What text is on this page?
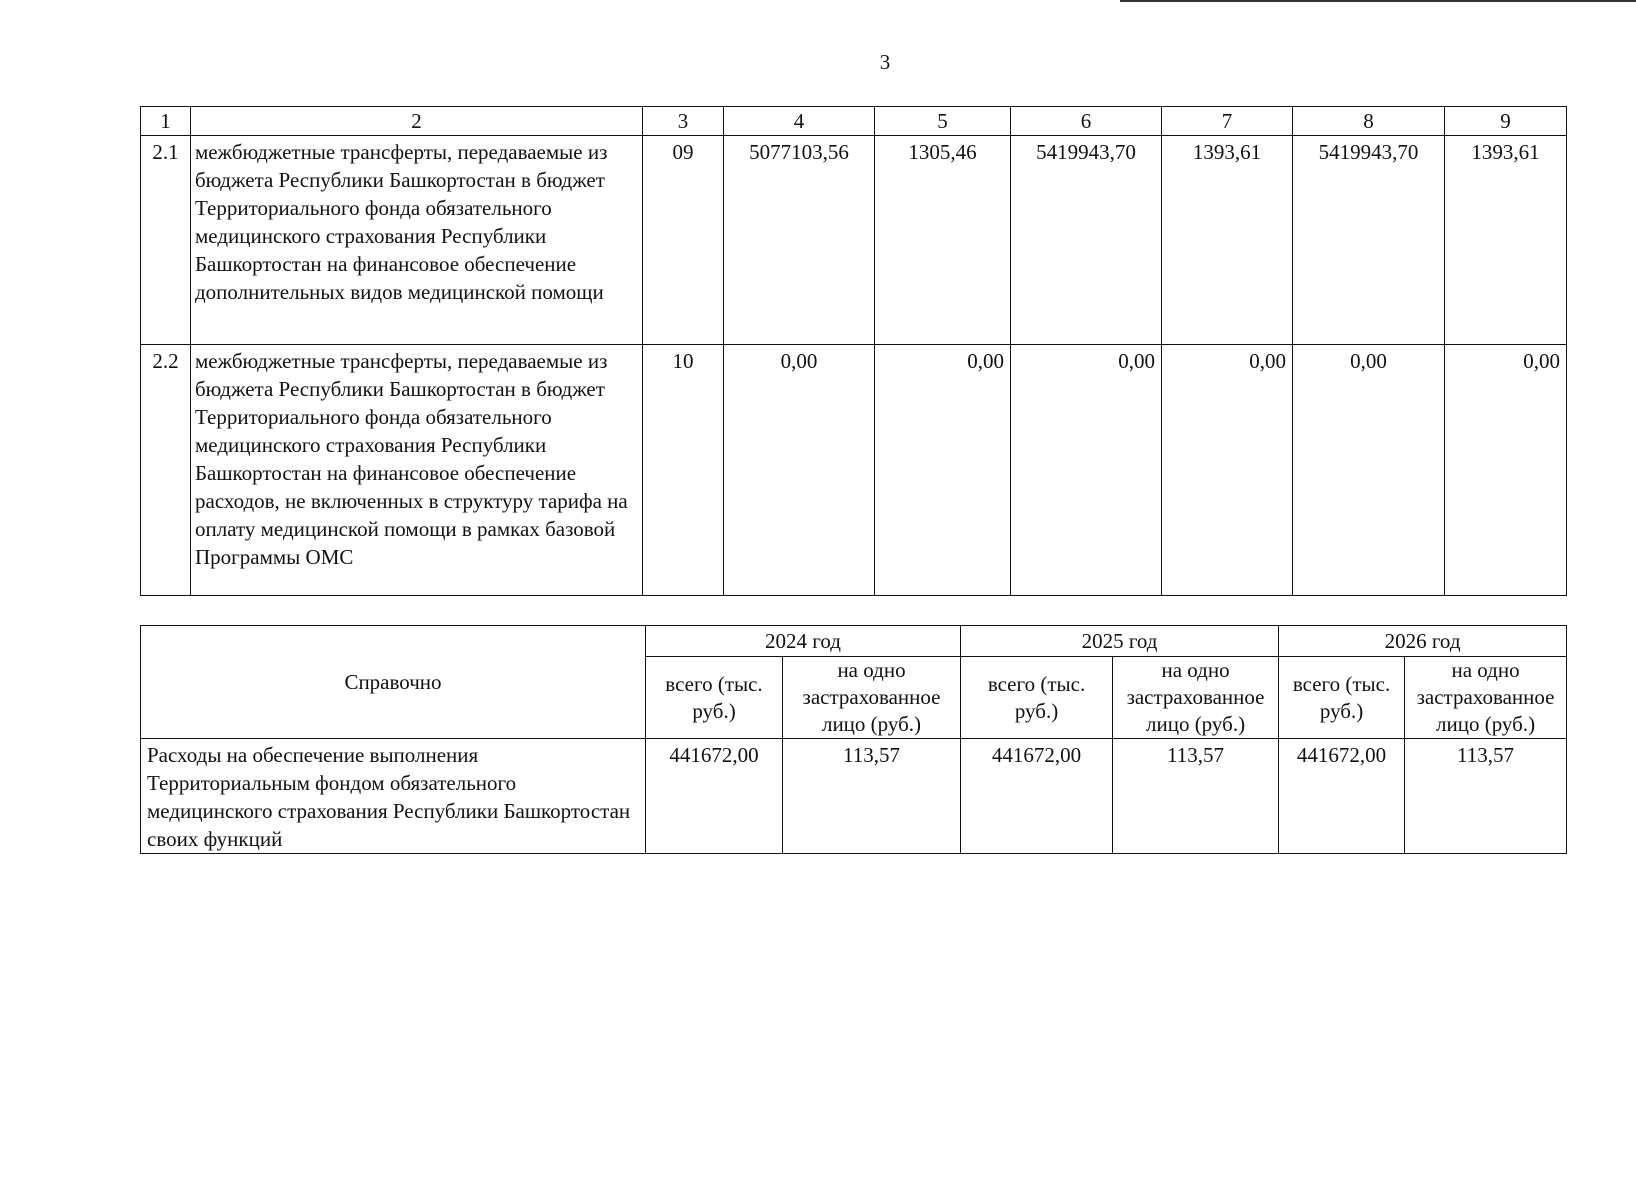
3
1	2	3	4	5	6	7	8	9
2.1	межбюджетные трансферты, передаваемые из бюджета Республики Башкортостан в бюджет Территориального фонда обязательного медицинского страхования Республики Башкортостан на финансовое обеспечение дополнительных видов медицинской помощи	09	5077103,56	1305,46	5419943,70	1393,61	5419943,70	1393,61
2.2	межбюджетные трансферты, передаваемые из бюджета Республики Башкортостан в бюджет Территориального фонда обязательного медицинского страхования Республики Башкортостан на финансовое обеспечение расходов, не включенных в структуру тарифа на оплату медицинской помощи в рамках базовой Программы ОМС	10	0,00	0,00	0,00	0,00	0,00	0,00
Справочно	2024 год		2025 год		2026 год	
	всего (тыс. руб.)	на одно застрахованное лицо (руб.)	всего (тыс. руб.)	на одно застрахованное лицо (руб.)	всего (тыс. руб.)	на одно застрахованное лицо (руб.)
Расходы на обеспечение выполнения Территориальным фондом обязательного медицинского страхования Республики Башкортостан своих функций	441672,00	113,57	441672,00	113,57	441672,00	113,57
